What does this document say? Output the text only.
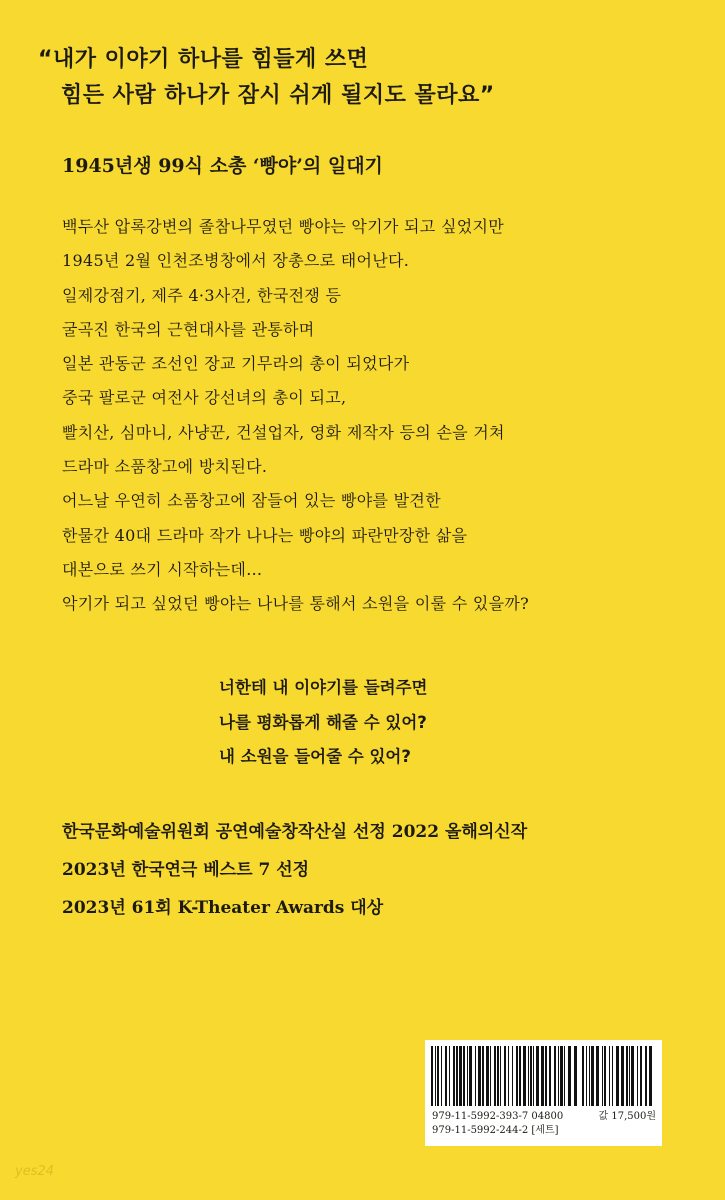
“내가 이야기 하나를 힘들게 쓰면
힘든 사람 하나가 잠시 쉬게 될지도 몰라요”
1945년생 99식 소총 ‘빵야’의 일대기
백두산 압록강변의 졸참나무였던 빵야는 악기가 되고 싶었지만
1945년 2월 인천조병창에서 장총으로 태어난다.
일제강점기, 제주 4·3사건, 한국전쟁 등
굴곡진 한국의 근현대사를 관통하며
일본 관동군 조선인 장교 기무라의 총이 되었다가
중국 팔로군 여전사 강선녀의 총이 되고,
빨치산, 심마니, 사냥꾼, 건설업자, 영화 제작자 등의 손을 거쳐
드라마 소품창고에 방치된다.
어느날 우연히 소품창고에 잠들어 있는 빵야를 발견한
한물간 40대 드라마 작가 나나는 빵야의 파란만장한 삶을
대본으로 쓰기 시작하는데…
악기가 되고 싶었던 빵야는 나나를 통해서 소원을 이룰 수 있을까?
너한테 내 이야기를 들려주면
나를 평화롭게 해줄 수 있어?
내 소원을 들어줄 수 있어?
한국문화예술위원회 공연예술창작산실 선정 2022 올해의신작
2023년 한국연극 베스트 7 선정
2023년 61회 K-Theater Awards 대상
979-11-5992-393-7 04800
979-11-5992-244-2 [세트]
값 17,500원
yes24
